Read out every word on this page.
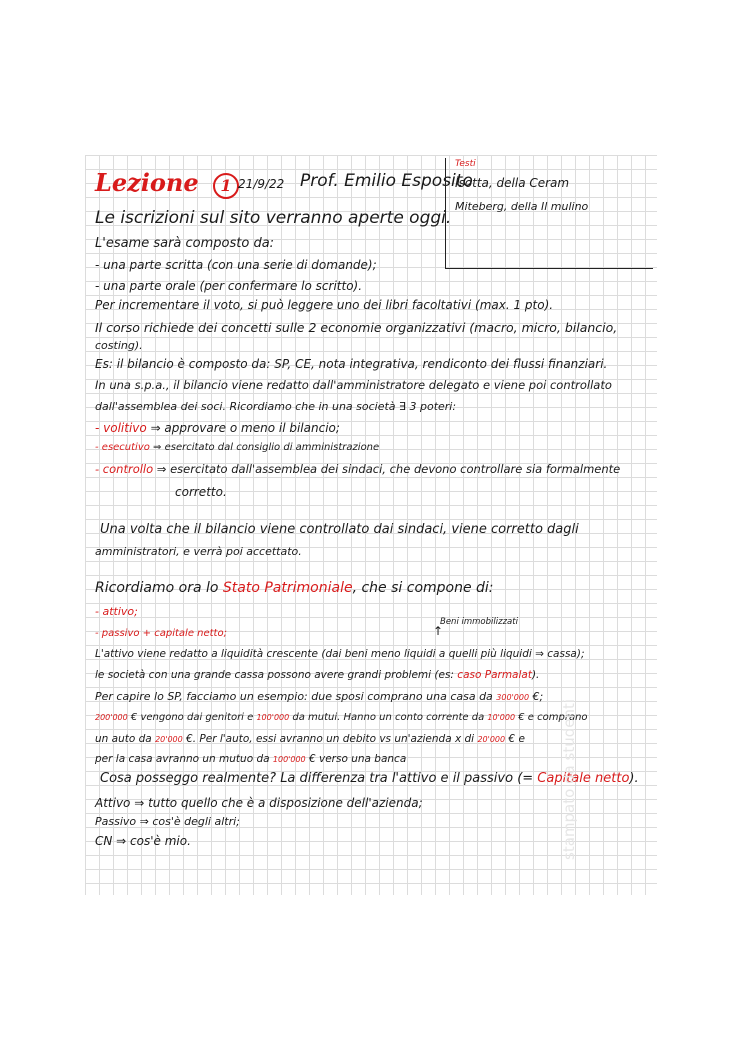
Lezione 1 21/9/22 Prof. Emilio Esposito
Testi
Isotta, della Ceram
Miteberg, della Il mulino
Le iscrizioni sul sito verranno aperte oggi.
L'esame sarà composto da:
- una parte scritta (con una serie di domande);
- una parte orale (per confermare lo scritto).
Per incrementare il voto, si può leggere uno dei libri facoltativi (max. 1 pto).
Il corso richiede dei concetti sulle 2 economie organizzativi (macro, micro, bilancio,
costing).
Es: il bilancio è composto da: SP, CE, nota integrativa, rendiconto dei flussi finanziari.
In una s.p.a., il bilancio viene redatto dall'amministratore delegato e viene poi controllato
dall'assemblea dei soci. Ricordiamo che in una società ∃ 3 poteri:
- volitivo ⇒ approvare o meno il bilancio;
- esecutivo ⇒ esercitato dal consiglio di amministrazione
- controllo ⇒ esercitato dall'assemblea dei sindaci, che devono controllare sia formalmente
corretto.
Una volta che il bilancio viene controllato dai sindaci, viene corretto dagli
amministratori, e verrà poi accettato.
Ricordiamo ora lo Stato Patrimoniale, che si compone di:
- attivo;
- passivo + capitale netto;
Beni immobilizzati
↑
L'attivo viene redatto a liquidità crescente (dai beni meno liquidi a quelli più liquidi ⇒ cassa);
le società con una grande cassa possono avere grandi problemi (es: caso Parmalat).
Per capire lo SP, facciamo un esempio: due sposi comprano una casa da 300'000 €;
200'000 € vengono dai genitori e 100'000 da mutui. Hanno un conto corrente da 10'000 € e comprano
un auto da 20'000 €. Per l'auto, essi avranno un debito vs un'azienda x di 20'000 € e
per la casa avranno un mutuo da 100'000 € verso una banca
Cosa posseggo realmente? La differenza tra l'attivo e il passivo (= Capitale netto).
Attivo ⇒ tutto quello che è a disposizione dell'azienda;
Passivo ⇒ cos'è degli altri;
CN ⇒ cos'è mio.	stampato da studenti
